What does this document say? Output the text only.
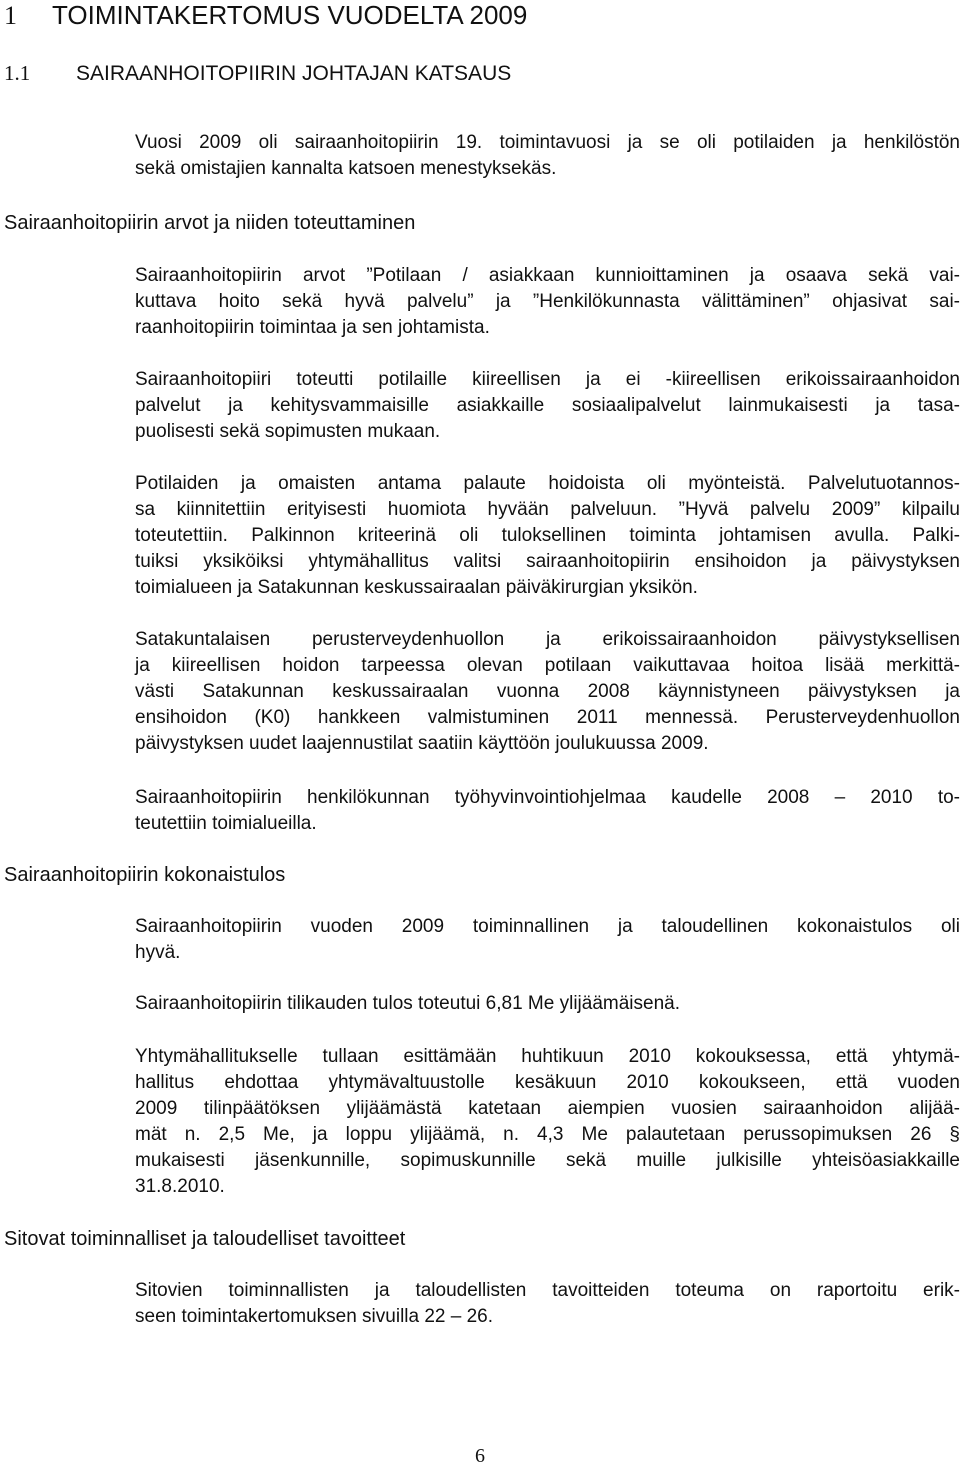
1 TOIMINTAKERTOMUS VUODELTA 2009
1.1 SAIRAANHOITOPIIRIN JOHTAJAN KATSAUS
Vuosi 2009 oli sairaanhoitopiirin 19. toimintavuosi ja se oli potilaiden ja henkilöstön
sekä omistajien kannalta katsoen menestyksekäs.
Sairaanhoitopiirin arvot ja niiden toteuttaminen
Sairaanhoitopiirin arvot ”Potilaan / asiakkaan kunnioittaminen ja osaava sekä vai-
kuttava hoito sekä hyvä palvelu” ja ”Henkilökunnasta välittäminen” ohjasivat sai-
raanhoitopiirin toimintaa ja sen johtamista.
Sairaanhoitopiiri toteutti potilaille kiireellisen ja ei -kiireellisen erikoissairaanhoidon
palvelut ja kehitysvammaisille asiakkaille sosiaalipalvelut lainmukaisesti ja tasa-
puolisesti sekä sopimusten mukaan.
Potilaiden ja omaisten antama palaute hoidoista oli myönteistä. Palvelutuotannos-
sa kiinnitettiin erityisesti huomiota hyvään palveluun. ”Hyvä palvelu 2009” kilpailu
toteutettiin. Palkinnon kriteerinä oli tuloksellinen toiminta johtamisen avulla. Palki-
tuiksi yksiköiksi yhtymähallitus valitsi sairaanhoitopiirin ensihoidon ja päivystyksen
toimialueen ja Satakunnan keskussairaalan päiväkirurgian yksikön.
Satakuntalaisen perusterveydenhuollon ja erikoissairaanhoidon päivystyksellisen
ja kiireellisen hoidon tarpeessa olevan potilaan vaikuttavaa hoitoa lisää merkittä-
västi Satakunnan keskussairaalan vuonna 2008 käynnistyneen päivystyksen ja
ensihoidon (K0) hankkeen valmistuminen 2011 mennessä. Perusterveydenhuollon
päivystyksen uudet laajennustilat saatiin käyttöön joulukuussa 2009.
Sairaanhoitopiirin henkilökunnan työhyvinvointiohjelmaa kaudelle 2008 – 2010 to-
teutettiin toimialueilla.
Sairaanhoitopiirin kokonaistulos
Sairaanhoitopiirin vuoden 2009 toiminnallinen ja taloudellinen kokonaistulos oli
hyvä.
Sairaanhoitopiirin tilikauden tulos toteutui 6,81 Me ylijäämäisenä.
Yhtymähallitukselle tullaan esittämään huhtikuun 2010 kokouksessa, että yhtymä-
hallitus ehdottaa yhtymävaltuustolle kesäkuun 2010 kokoukseen, että vuoden
2009 tilinpäätöksen ylijäämästä katetaan aiempien vuosien sairaanhoidon alijää-
mät n. 2,5 Me, ja loppu ylijäämä, n. 4,3 Me palautetaan perussopimuksen 26 §
mukaisesti jäsenkunnille, sopimuskunnille sekä muille julkisille yhteisöasiakkaille
31.8.2010.
Sitovat toiminnalliset ja taloudelliset tavoitteet
Sitovien toiminnallisten ja taloudellisten tavoitteiden toteuma on raportoitu erik-
seen toimintakertomuksen sivuilla 22 – 26.
6
